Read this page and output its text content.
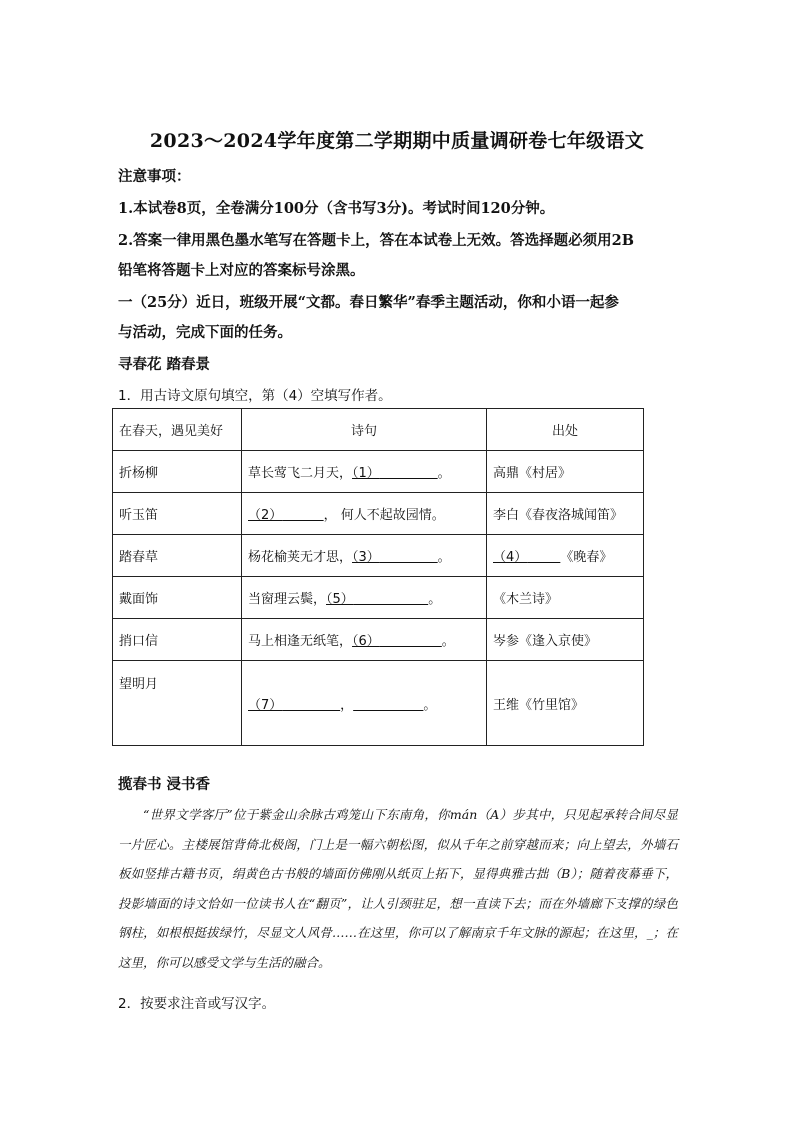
2023～2024学年度第二学期期中质量调研卷七年级语文
注意事项：
1.本试卷8页，全卷满分100分（含书写3分)。考试时间120分钟。
2.答案一律用黑色墨水笔写在答题卡上，答在本试卷上无效。答选择题必须用2B
铅笔将答题卡上对应的答案标号涂黑。
一（25分）近日，班级开展“文都。春日繁华”春季主题活动，你和小语一起参
与活动，完成下面的任务。
寻春花 踏春景
1．用古诗文原句填空，第（4）空填写作者。
在春天，遇见美好	诗句	出处
折杨柳	草长莺飞二月天，（1） 。	高鼎《村居》
听玉笛	（2） ， 何人不起故园情。	李白《春夜洛城闻笛》
踏春草	杨花榆荚无才思，（3） 。	（4） 《晚春》
戴面饰	当窗理云鬓，（5） 。	《木兰诗》
捎口信	马上相逢无纸笔，（6） 。	岑参《逢入京使》
望明月	（7） ， 。	王维《竹里馆》
揽春书 浸书香
“世界文学客厅”位于紫金山余脉古鸡笼山下东南角，你mán（A）步其中，只见起承转合间尽显一片匠心。主楼展馆背倚北极阁，门上是一幅六朝松图，似从千年之前穿越而来；向上望去，外墙石板如竖排古籍书页，绢黄色古书般的墙面仿佛刚从纸页上拓下，显得典雅古拙（B）；随着夜幕垂下，投影墙面的诗文恰如一位读书人在“翻页”，让人引颈驻足，想一直读下去；而在外墙廊下支撑的绿色钢柱，如根根挺拔绿竹，尽显文人风骨……在这里，你可以了解南京千年文脉的源起；在这里，_；在这里，你可以感受文学与生活的融合。
2．按要求注音或写汉字。
